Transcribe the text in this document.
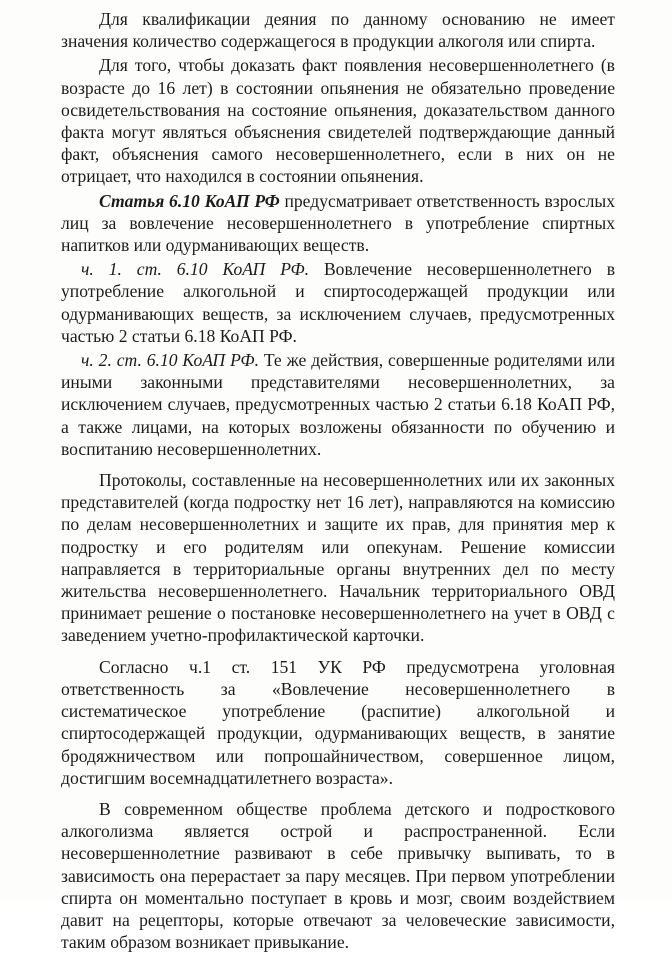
Для квалификации деяния по данному основанию не имеет значения количество содержащегося в продукции алкоголя или спирта.

Для того, чтобы доказать факт появления несовершеннолетнего (в возрасте до 16 лет) в состоянии опьянения не обязательно проведение освидетельствования на состояние опьянения, доказательством данного факта могут являться объяснения свидетелей подтверждающие данный факт, объяснения самого несовершеннолетнего, если в них он не отрицает, что находился в состоянии опьянения.

Статья 6.10 КоАП РФ предусматривает ответственность взрослых лиц за вовлечение несовершеннолетнего в употребление спиртных напитков или одурманивающих веществ.

ч. 1. ст. 6.10 КоАП РФ. Вовлечение несовершеннолетнего в употребление алкогольной и спиртосодержащей продукции или одурманивающих веществ, за исключением случаев, предусмотренных частью 2 статьи 6.18 КоАП РФ.

ч. 2. ст. 6.10 КоАП РФ. Те же действия, совершенные родителями или иными законными представителями несовершеннолетних, за исключением случаев, предусмотренных частью 2 статьи 6.18 КоАП РФ, а также лицами, на которых возложены обязанности по обучению и воспитанию несовершеннолетних.

Протоколы, составленные на несовершеннолетних или их законных представителей (когда подростку нет 16 лет), направляются на комиссию по делам несовершеннолетних и защите их прав, для принятия мер к подростку и его родителям или опекунам. Решение комиссии направляется в территориальные органы внутренних дел по месту жительства несовершеннолетнего. Начальник территориального ОВД принимает решение о постановке несовершеннолетнего на учет в ОВД с заведением учетно-профилактической карточки.

Согласно ч.1 ст. 151 УК РФ предусмотрена уголовная ответственность за «Вовлечение несовершеннолетнего в систематическое употребление (распитие) алкогольной и спиртосодержащей продукции, одурманивающих веществ, в занятие бродяжничеством или попрошайничеством, совершенное лицом, достигшим восемнадцатилетнего возраста».

В современном обществе проблема детского и подросткового алкоголизма является острой и распространенной. Если несовершеннолетние развивают в себе привычку выпивать, то в зависимость она перерастает за пару месяцев. При первом употреблении спирта он моментально поступает в кровь и мозг, своим воздействием давит на рецепторы, которые отвечают за человеческие зависимости, таким образом возникает привыкание.
